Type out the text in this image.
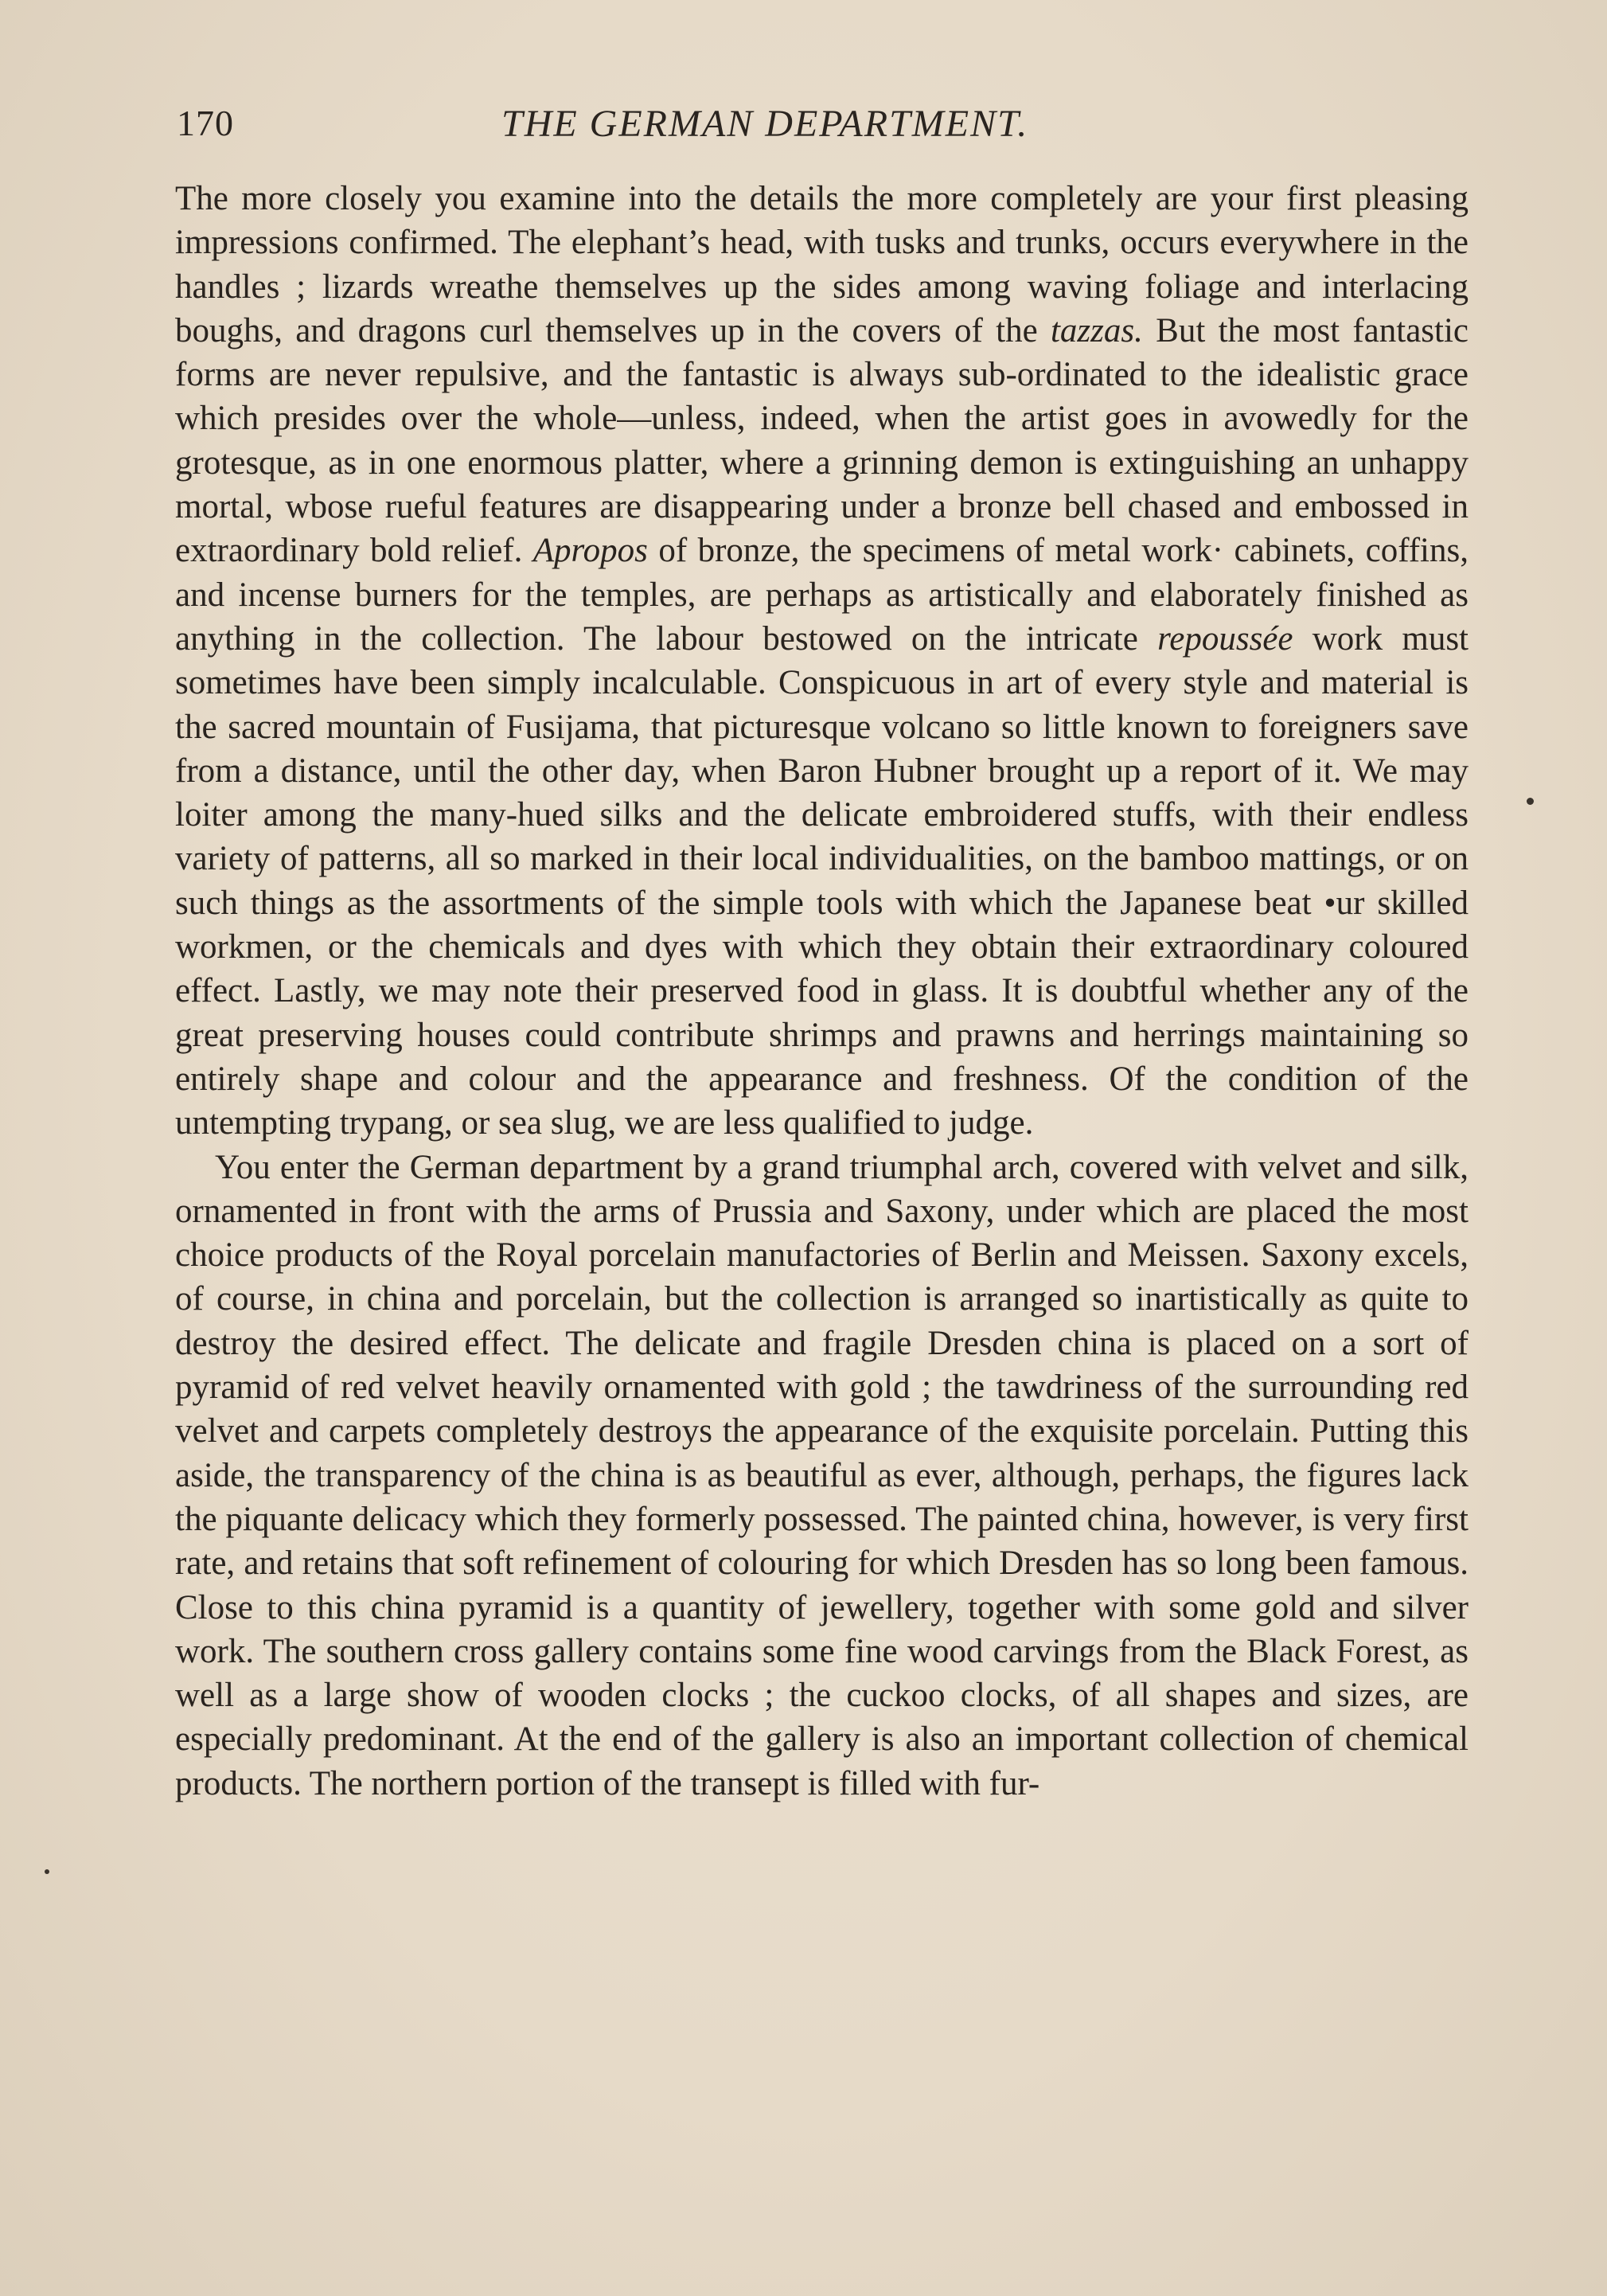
170	THE GERMAN DEPARTMENT.

The more closely you examine into the details the more completely are your first pleasing impressions confirmed. The elephant’s head, with tusks and trunks, occurs everywhere in the handles ; lizards wreathe themselves up the sides among waving foliage and interlacing boughs, and dragons curl themselves up in the covers of the tazzas. But the most fantastic forms are never repulsive, and the fantastic is always sub-ordinated to the idealistic grace which presides over the whole—unless, indeed, when the artist goes in avowedly for the grotesque, as in one enormous platter, where a grinning demon is extinguishing an unhappy mortal, wbose rueful features are disappearing under a bronze bell chased and embossed in extraordinary bold relief. Apropos of bronze, the specimens of metal work· cabinets, coffins, and incense burners for the temples, are perhaps as artistically and elaborately finished as anything in the collection. The labour bestowed on the intricate repoussée work must sometimes have been simply incalculable. Conspicuous in art of every style and material is the sacred mountain of Fusijama, that picturesque volcano so little known to foreigners save from a distance, until the other day, when Baron Hubner brought up a report of it. We may loiter among the many-hued silks and the delicate embroidered stuffs, with their endless variety of patterns, all so marked in their local individualities, on the bamboo mattings, or on such things as the assortments of the simple tools with which the Japanese beat •ur skilled workmen, or the chemicals and dyes with which they obtain their extraordinary coloured effect. Lastly, we may note their preserved food in glass. It is doubtful whether any of the great preserving houses could contribute shrimps and prawns and herrings maintaining so entirely shape and colour and the appearance and freshness. Of the condition of the untempting trypang, or sea slug, we are less qualified to judge.

You enter the German department by a grand triumphal arch, covered with velvet and silk, ornamented in front with the arms of Prussia and Saxony, under which are placed the most choice products of the Royal porcelain manufactories of Berlin and Meissen. Saxony excels, of course, in china and porcelain, but the collection is arranged so inartistically as quite to destroy the desired effect. The delicate and fragile Dresden china is placed on a sort of pyramid of red velvet heavily ornamented with gold ; the tawdriness of the surrounding red velvet and carpets completely destroys the appearance of the exquisite porcelain. Putting this aside, the transparency of the china is as beautiful as ever, although, perhaps, the figures lack the piquante delicacy which they formerly possessed. The painted china, however, is very first rate, and retains that soft refinement of colouring for which Dresden has so long been famous. Close to this china pyramid is a quantity of jewellery, together with some gold and silver work. The southern cross gallery contains some fine wood carvings from the Black Forest, as well as a large show of wooden clocks ; the cuckoo clocks, of all shapes and sizes, are especially predominant. At the end of the gallery is also an important collection of chemical products. The northern portion of the transept is filled with fur-
